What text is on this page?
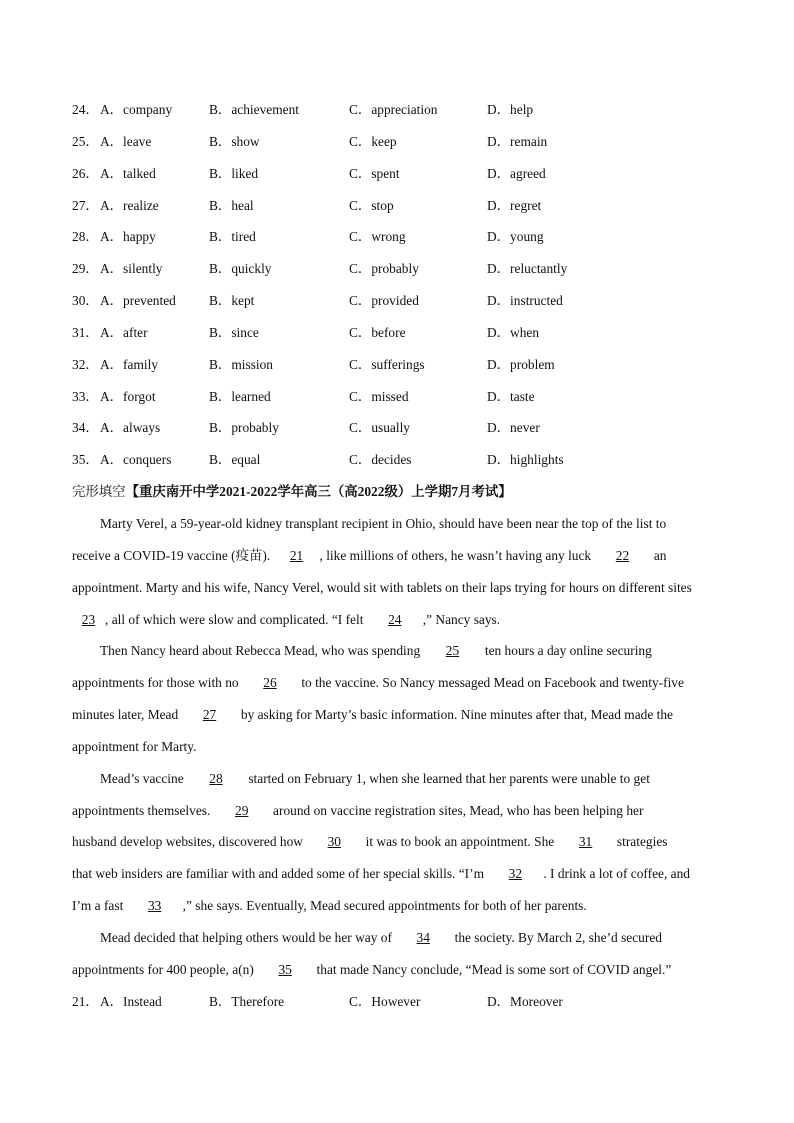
24． A．company	B．achievement	C．appreciation	D．help
25． A．leave	B．show	C．keep	D．remain
26． A．talked	B．liked	C．spent	D．agreed
27． A．realize	B．heal	C．stop	D．regret
28． A．happy	B．tired	C．wrong	D．young
29． A．silently	B．quickly	C．probably	D．reluctantly
30． A．prevented B．kept	C．provided	D．instructed
31． A．after	B．since	C．before	D．when
32． A．family	B．mission	C．sufferings	D．problem
33． A．forgot	B．learned	C．missed	D．taste
34． A．always	B．probably	C．usually	D．never
35． A．conquers	B．equal	C．decides	D．highlights
完形填空【重庆南开中学2021-2022学年高三（高2022级）上学期7月考试】
Marty Verel, a 59-year-old kidney transplant recipient in Ohio, should have been near the top of the list to
receive a COVID-19 vaccine (疫苗). 21 , like millions of others, he wasn’t having any luck 22 an
appointment. Marty and his wife, Nancy Verel, would sit with tablets on their laps trying for hours on different sites
23 , all of which were slow and complicated. “I felt 24 ,” Nancy says.
Then Nancy heard about Rebecca Mead, who was spending 25 ten hours a day online securing
appointments for those with no 26 to the vaccine. So Nancy messaged Mead on Facebook and twenty-five
minutes later, Mead 27 by asking for Marty’s basic information. Nine minutes after that, Mead made the
appointment for Marty.
Mead’s vaccine 28 started on February 1, when she learned that her parents were unable to get
appointments themselves. 29 around on vaccine registration sites, Mead, who has been helping her
husband develop websites, discovered how 30 it was to book an appointment. She 31 strategies
that web insiders are familiar with and added some of her special skills. “I’m 32 . I drink a lot of coffee, and
I’m a fast 33 ,” she says. Eventually, Mead secured appointments for both of her parents.
Mead decided that helping others would be her way of 34 the society. By March 2, she’d secured
appointments for 400 people, a(n) 35 that made Nancy conclude, “Mead is some sort of COVID angel.”
21． A．Instead	B．Therefore	C．However	D．Moreover
